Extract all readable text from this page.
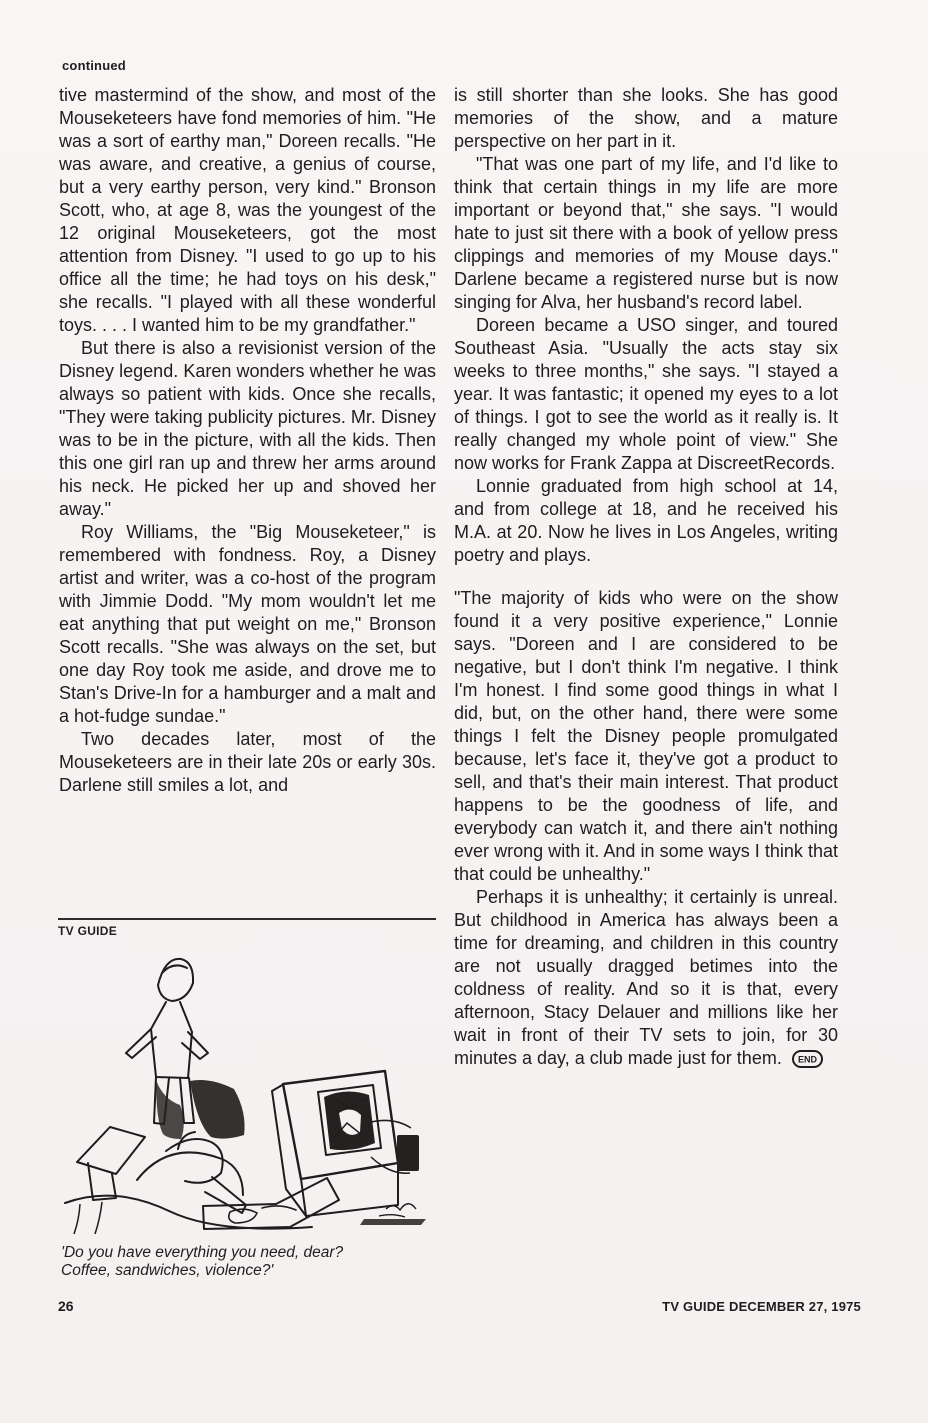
continued

tive mastermind of the show, and most of the Mouseketeers have fond memories of him. "He was a sort of earthy man," Doreen recalls. "He was aware, and creative, a genius of course, but a very earthy person, very kind." Bronson Scott, who, at age 8, was the youngest of the 12 original Mouseketeers, got the most attention from Disney. "I used to go up to his office all the time; he had toys on his desk," she recalls. "I played with all these wonderful toys. . . . I wanted him to be my grandfather."

But there is also a revisionist version of the Disney legend. Karen wonders whether he was always so patient with kids. Once she recalls, "They were taking publicity pictures. Mr. Disney was to be in the picture, with all the kids. Then this one girl ran up and threw her arms around his neck. He picked her up and shoved her away."

Roy Williams, the "Big Mouseketeer," is remembered with fondness. Roy, a Disney artist and writer, was a co-host of the program with Jimmie Dodd. "My mom wouldn't let me eat anything that put weight on me," Bronson Scott recalls. "She was always on the set, but one day Roy took me aside, and drove me to Stan's Drive-In for a hamburger and a malt and a hot-fudge sundae."

Two decades later, most of the Mouseketeers are in their late 20s or early 30s. Darlene still smiles a lot, and

is still shorter than she looks. She has good memories of the show, and a mature perspective on her part in it.

"That was one part of my life, and I'd like to think that certain things in my life are more important or beyond that," she says. "I would hate to just sit there with a book of yellow press clippings and memories of my Mouse days." Darlene became a registered nurse but is now singing for Alva, her husband's record label.

Doreen became a USO singer, and toured Southeast Asia. "Usually the acts stay six weeks to three months," she says. "I stayed a year. It was fantastic; it opened my eyes to a lot of things. I got to see the world as it really is. It really changed my whole point of view." She now works for Frank Zappa at DiscreetRecords.

Lonnie graduated from high school at 14, and from college at 18, and he received his M.A. at 20. Now he lives in Los Angeles, writing poetry and plays.

"The majority of kids who were on the show found it a very positive experience," Lonnie says. "Doreen and I are considered to be negative, but I don't think I'm negative. I think I'm honest. I find some good things in what I did, but, on the other hand, there were some things I felt the Disney people promulgated because, let's face it, they've got a product to sell, and that's their main interest. That product happens to be the goodness of life, and everybody can watch it, and there ain't nothing ever wrong with it. And in some ways I think that that could be unhealthy."

Perhaps it is unhealthy; it certainly is unreal. But childhood in America has always been a time for dreaming, and children in this country are not usually dragged betimes into the coldness of reality. And so it is that, every afternoon, Stacy Delauer and millions like her wait in front of their TV sets to join, for 30 minutes a day, a club made just for them. END

TV GUIDE
'Do you have everything you need, dear?
Coffee, sandwiches, violence?'
26	TV GUIDE DECEMBER 27, 1975
